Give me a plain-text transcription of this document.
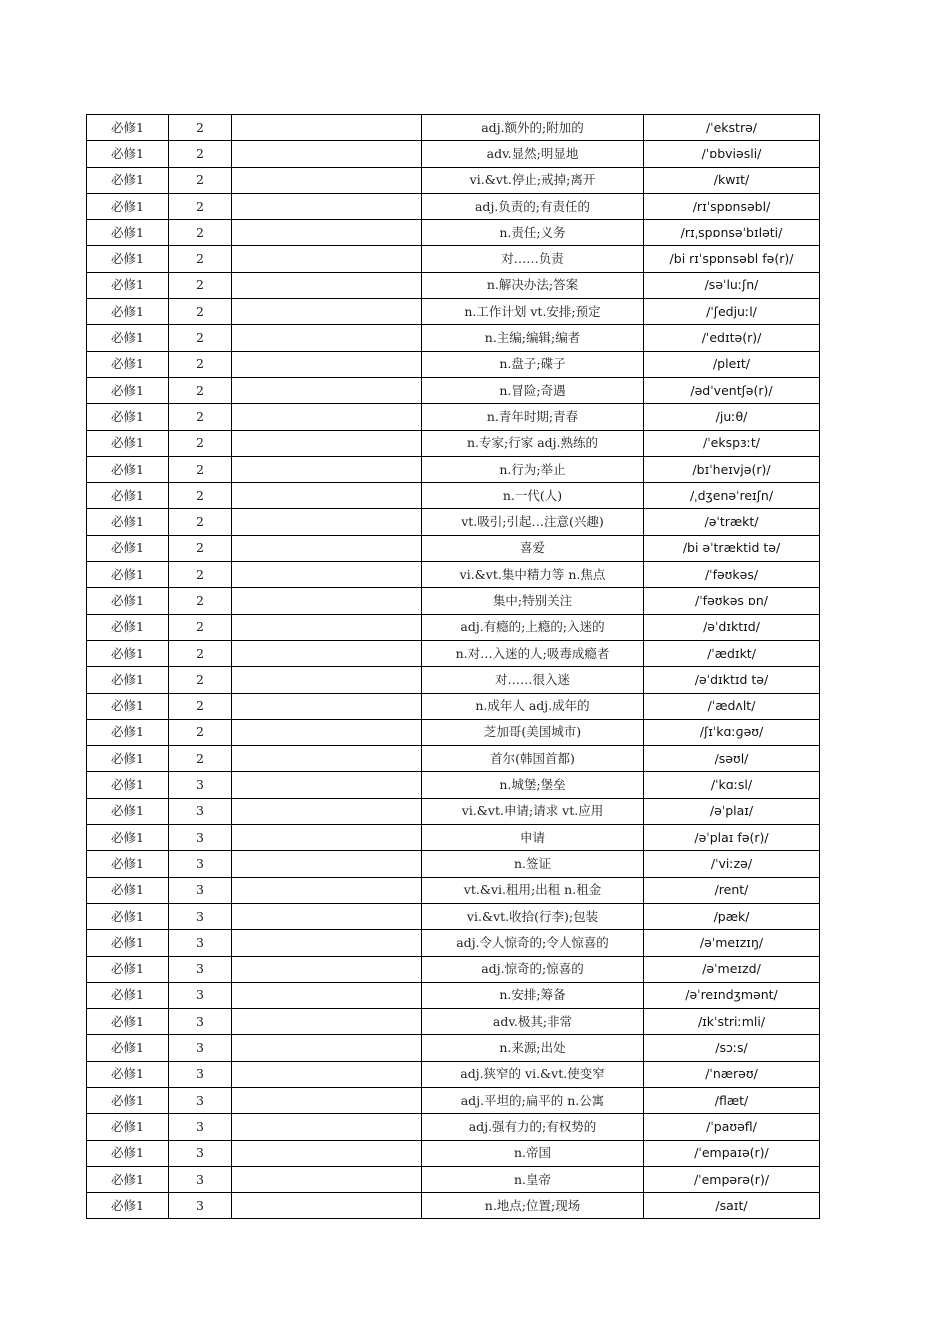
必修1	2		adj.额外的;附加的	/ˈekstrə/
必修1	2		adv.显然;明显地	/ˈɒbviəsli/
必修1	2		vi.&vt.停止;戒掉;离开	/kwɪt/
必修1	2		adj.负责的;有责任的	/rɪˈspɒnsəbl/
必修1	2		n.责任;义务	/rɪˌspɒnsəˈbɪləti/
必修1	2		对……负责	/bi rɪˈspɒnsəbl fə(r)/
必修1	2		n.解决办法;答案	/səˈluːʃn/
必修1	2		n.工作计划 vt.安排;预定	/ˈʃedjuːl/
必修1	2		n.主编;编辑;编者	/ˈedɪtə(r)/
必修1	2		n.盘子;碟子	/pleɪt/
必修1	2		n.冒险;奇遇	/ədˈventʃə(r)/
必修1	2		n.青年时期;青春	/juːθ/
必修1	2		n.专家;行家 adj.熟练的	/ˈekspɜːt/
必修1	2		n.行为;举止	/bɪˈheɪvjə(r)/
必修1	2		n.一代(人)	/ˌdʒenəˈreɪʃn/
必修1	2		vt.吸引;引起…注意(兴趣)	/əˈtrækt/
必修1	2		喜爱	/bi əˈtræktid tə/
必修1	2		vi.&vt.集中精力等 n.焦点	/ˈfəʊkəs/
必修1	2		集中;特别关注	/ˈfəʊkəs ɒn/
必修1	2		adj.有瘾的;上瘾的;入迷的	/əˈdɪktɪd/
必修1	2		n.对…入迷的人;吸毒成瘾者	/ˈædɪkt/
必修1	2		对……很入迷	/əˈdɪktɪd tə/
必修1	2		n.成年人 adj.成年的	/ˈædʌlt/
必修1	2		芝加哥(美国城市)	/ʃɪˈkɑːɡəʊ/
必修1	2		首尔(韩国首都)	/səʊl/
必修1	3		n.城堡;堡垒	/ˈkɑːsl/
必修1	3		vi.&vt.申请;请求 vt.应用	/əˈplaɪ/
必修1	3		申请	/əˈplaɪ fə(r)/
必修1	3		n.签证	/ˈviːzə/
必修1	3		vt.&vi.租用;出租 n.租金	/rent/
必修1	3		vi.&vt.收拾(行李);包装	/pæk/
必修1	3		adj.令人惊奇的;令人惊喜的	/əˈmeɪzɪŋ/
必修1	3		adj.惊奇的;惊喜的	/əˈmeɪzd/
必修1	3		n.安排;筹备	/əˈreɪndʒmənt/
必修1	3		adv.极其;非常	/ɪkˈstriːmli/
必修1	3		n.来源;出处	/sɔːs/
必修1	3		adj.狭窄的 vi.&vt.使变窄	/ˈnærəʊ/
必修1	3		adj.平坦的;扁平的 n.公寓	/flæt/
必修1	3		adj.强有力的;有权势的	/ˈpaʊəfl/
必修1	3		n.帝国	/ˈempaɪə(r)/
必修1	3		n.皇帝	/ˈempərə(r)/
必修1	3		n.地点;位置;现场	/saɪt/
